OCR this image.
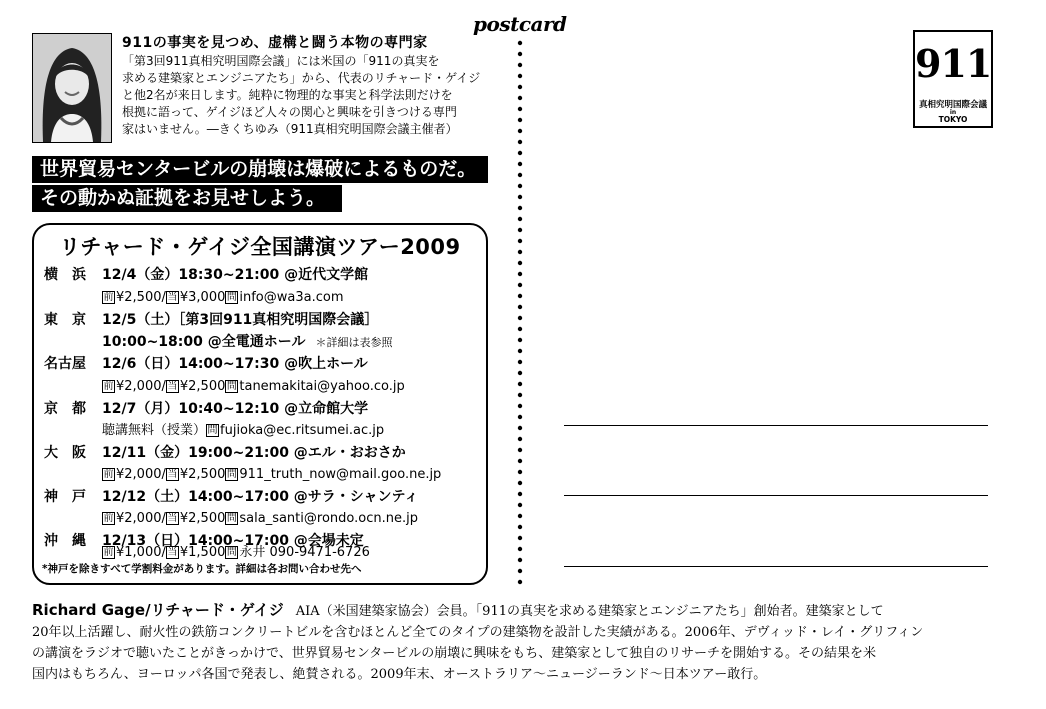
911の事実を見つめ、虚構と闘う本物の専門家

「第3回911真相究明国際会議」には米国の「911の真実を

求める建築家とエンジニアたち」から、代表のリチャード・ゲイジ

と他2名が来日します。純粋に物理的な事実と科学法則だけを

根拠に語って、ゲイジほど人々の関心と興味を引きつける専門

家はいません。―きくちゆみ（911真相究明国際会議主催者）

世界貿易センタービルの崩壊は爆破によるものだ。
その動かぬ証拠をお見せしよう。
リチャード・ゲイジ全国講演ツアー2009
横　浜 12/4（金）18:30~21:00 @近代文学館
前 ¥2,500/ 当 ¥3,000 問 info@wa3a.com
東　京 12/5（土）［第3回911真相究明国際会議］
10:00~18:00 @全電通ホール ＊詳細は表参照
名古屋 12/6（日）14:00~17:30 @吹上ホール
前 ¥2,000/ 当 ¥2,500 問 tanemakitai@yahoo.co.jp
京　都 12/7（月）10:40~12:10 @立命館大学
聴講無料（授業） 問 fujioka@ec.ritsumei.ac.jp
大　阪 12/11（金）19:00~21:00 @エル・おおさか
前 ¥2,000/ 当 ¥2,500 問 911_truth_now@mail.goo.ne.jp
神　戸 12/12（土）14:00~17:00 @サラ・シャンティ
前 ¥2,000/ 当 ¥2,500 問 sala_santi@rondo.ocn.ne.jp
沖　縄 12/13（日）14:00~17:00 @会場未定
*神戸を除きすべて学割料金があります。詳細は各お問い合わせ先へ
前 ¥1,000/ 当 ¥1,500 問 永井 090-9471-6726
postcard
911
真相究明国際会議
in
TOKYO

Richard Gage/リチャード・ゲイジ AIA（米国建築家協会）会員。「911の真実を求める建築家とエンジニアたち」創始者。建築家として

20年以上活躍し、耐火性の鉄筋コンクリートビルを含むほとんど全てのタイプの建築物を設計した実績がある。2006年、デヴィッド・レイ・グリフィン

の講演をラジオで聴いたことがきっかけで、世界貿易センタービルの崩壊に興味をもち、建築家として独自のリサーチを開始する。その結果を米

国内はもちろん、ヨーロッパ各国で発表し、絶賛される。2009年末、オーストラリア～ニュージーランド～日本ツアー敢行。
